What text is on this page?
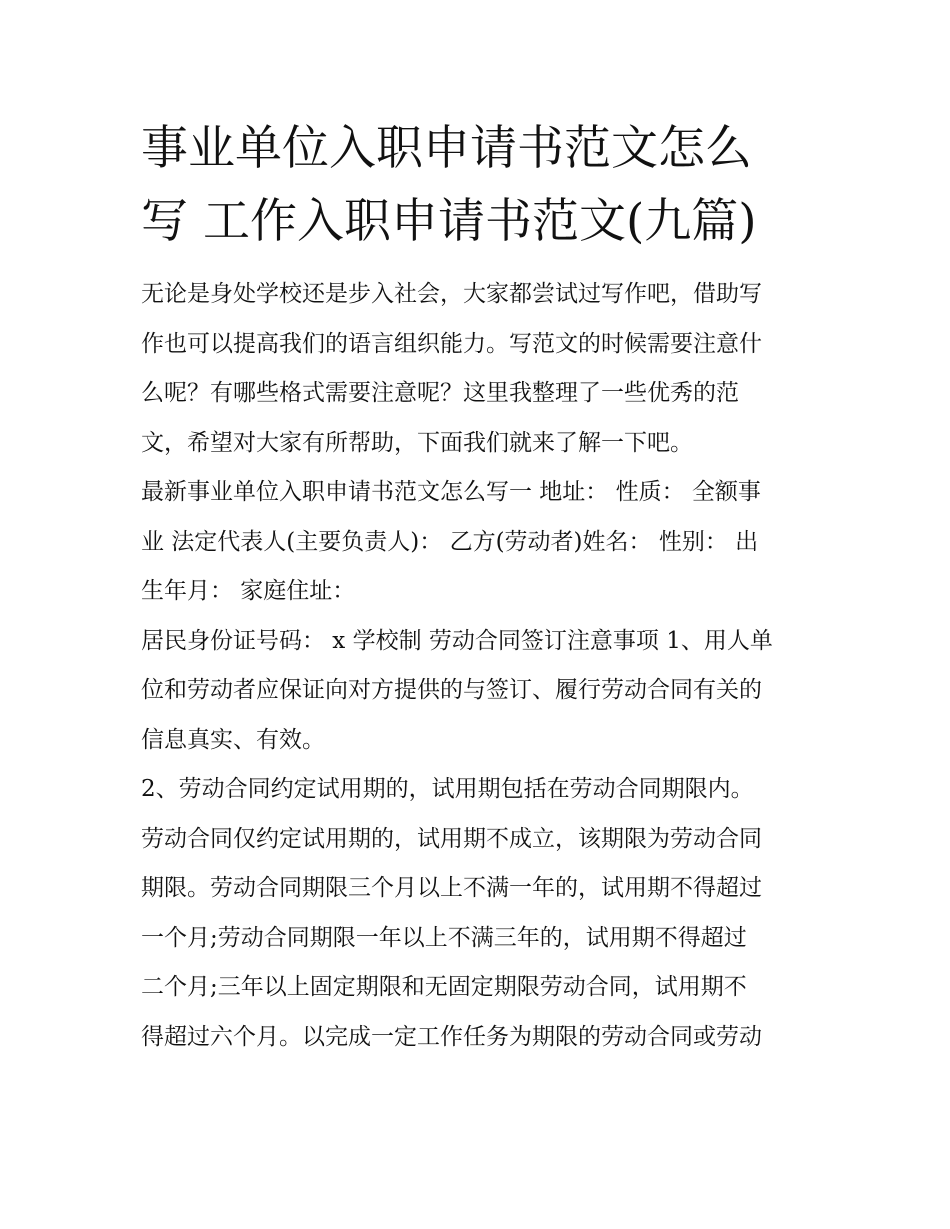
事业单位入职申请书范文怎么
写 工作入职申请书范文(九篇)

无论是身处学校还是步入社会，大家都尝试过写作吧，借助写
作也可以提高我们的语言组织能力。写范文的时候需要注意什
么呢？有哪些格式需要注意呢？这里我整理了一些优秀的范
文，希望对大家有所帮助，下面我们就来了解一下吧。

最新事业单位入职申请书范文怎么写一 地址： 性质： 全额事
业 法定代表人(主要负责人)： 乙方(劳动者)姓名： 性别： 出
生年月： 家庭住址：

居民身份证号码： x 学校制 劳动合同签订注意事项 1、用人单
位和劳动者应保证向对方提供的与签订、履行劳动合同有关的
信息真实、有效。

2、劳动合同约定试用期的，试用期包括在劳动合同期限内。
劳动合同仅约定试用期的，试用期不成立，该期限为劳动合同
期限。劳动合同期限三个月以上不满一年的，试用期不得超过
一个月;劳动合同期限一年以上不满三年的，试用期不得超过
二个月;三年以上固定期限和无固定期限劳动合同，试用期不
得超过六个月。以完成一定工作任务为期限的劳动合同或劳动
